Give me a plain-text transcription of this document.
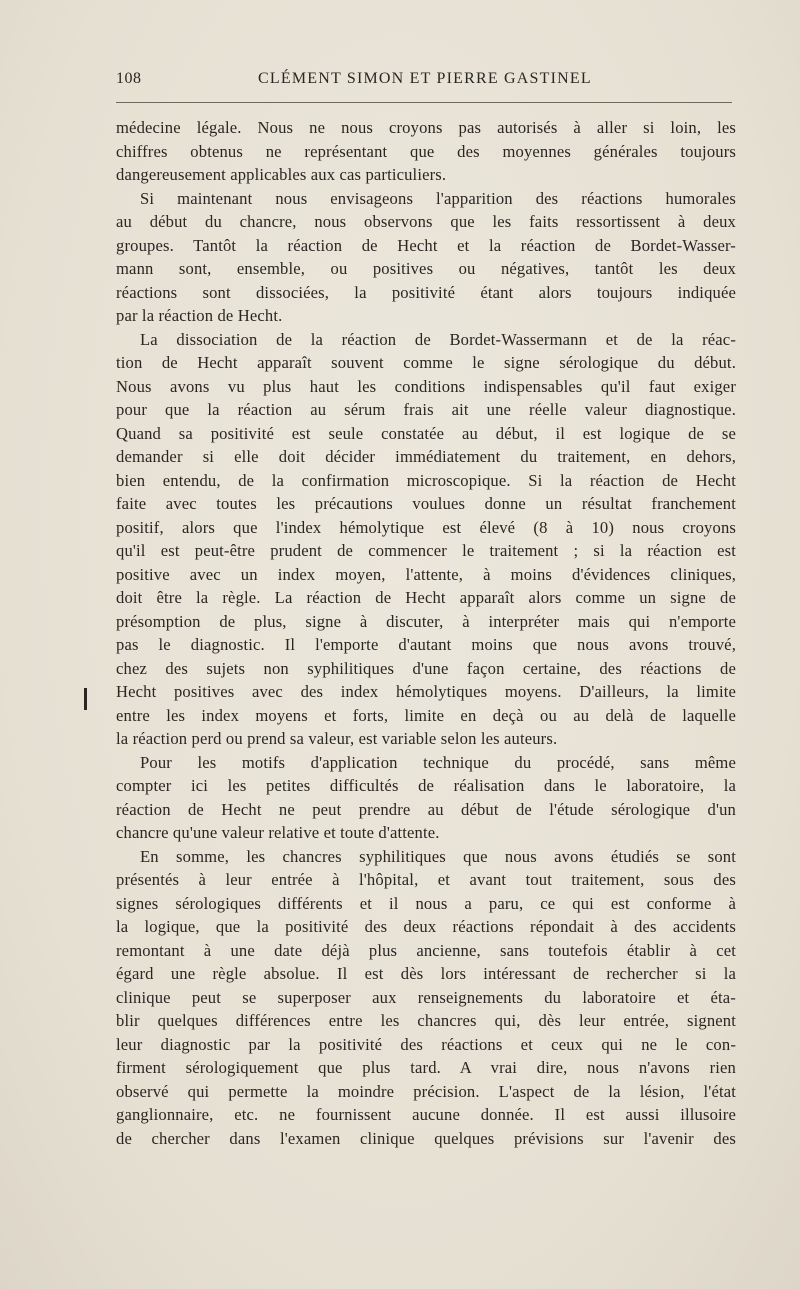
108	CLÉMENT SIMON ET PIERRE GASTINEL
médecine légale. Nous ne nous croyons pas autorisés à aller si loin, les
chiffres obtenus ne représentant que des moyennes générales toujours
dangereusement applicables aux cas particuliers.
Si maintenant nous envisageons l'apparition des réactions humorales
au début du chancre, nous observons que les faits ressortissent à deux
groupes. Tantôt la réaction de Hecht et la réaction de Bordet-Wasser-
mann sont, ensemble, ou positives ou négatives, tantôt les deux
réactions sont dissociées, la positivité étant alors toujours indiquée
par la réaction de Hecht.
La dissociation de la réaction de Bordet-Wassermann et de la réac-
tion de Hecht apparaît souvent comme le signe sérologique du début.
Nous avons vu plus haut les conditions indispensables qu'il faut exiger
pour que la réaction au sérum frais ait une réelle valeur diagnostique.
Quand sa positivité est seule constatée au début, il est logique de se
demander si elle doit décider immédiatement du traitement, en dehors,
bien entendu, de la confirmation microscopique. Si la réaction de Hecht
faite avec toutes les précautions voulues donne un résultat franchement
positif, alors que l'index hémolytique est élevé (8 à 10) nous croyons
qu'il est peut-être prudent de commencer le traitement ; si la réaction est
positive avec un index moyen, l'attente, à moins d'évidences cliniques,
doit être la règle. La réaction de Hecht apparaît alors comme un signe de
présomption de plus, signe à discuter, à interpréter mais qui n'emporte
pas le diagnostic. Il l'emporte d'autant moins que nous avons trouvé,
chez des sujets non syphilitiques d'une façon certaine, des réactions de
Hecht positives avec des index hémolytiques moyens. D'ailleurs, la limite
entre les index moyens et forts, limite en deçà ou au delà de laquelle
la réaction perd ou prend sa valeur, est variable selon les auteurs.
Pour les motifs d'application technique du procédé, sans même
compter ici les petites difficultés de réalisation dans le laboratoire, la
réaction de Hecht ne peut prendre au début de l'étude sérologique d'un
chancre qu'une valeur relative et toute d'attente.
En somme, les chancres syphilitiques que nous avons étudiés se sont
présentés à leur entrée à l'hôpital, et avant tout traitement, sous des
signes sérologiques différents et il nous a paru, ce qui est conforme à
la logique, que la positivité des deux réactions répondait à des accidents
remontant à une date déjà plus ancienne, sans toutefois établir à cet
égard une règle absolue. Il est dès lors intéressant de rechercher si la
clinique peut se superposer aux renseignements du laboratoire et éta-
blir quelques différences entre les chancres qui, dès leur entrée, signent
leur diagnostic par la positivité des réactions et ceux qui ne le con-
firment sérologiquement que plus tard. A vrai dire, nous n'avons rien
observé qui permette la moindre précision. L'aspect de la lésion, l'état
ganglionnaire, etc. ne fournissent aucune donnée. Il est aussi illusoire
de chercher dans l'examen clinique quelques prévisions sur l'avenir des
